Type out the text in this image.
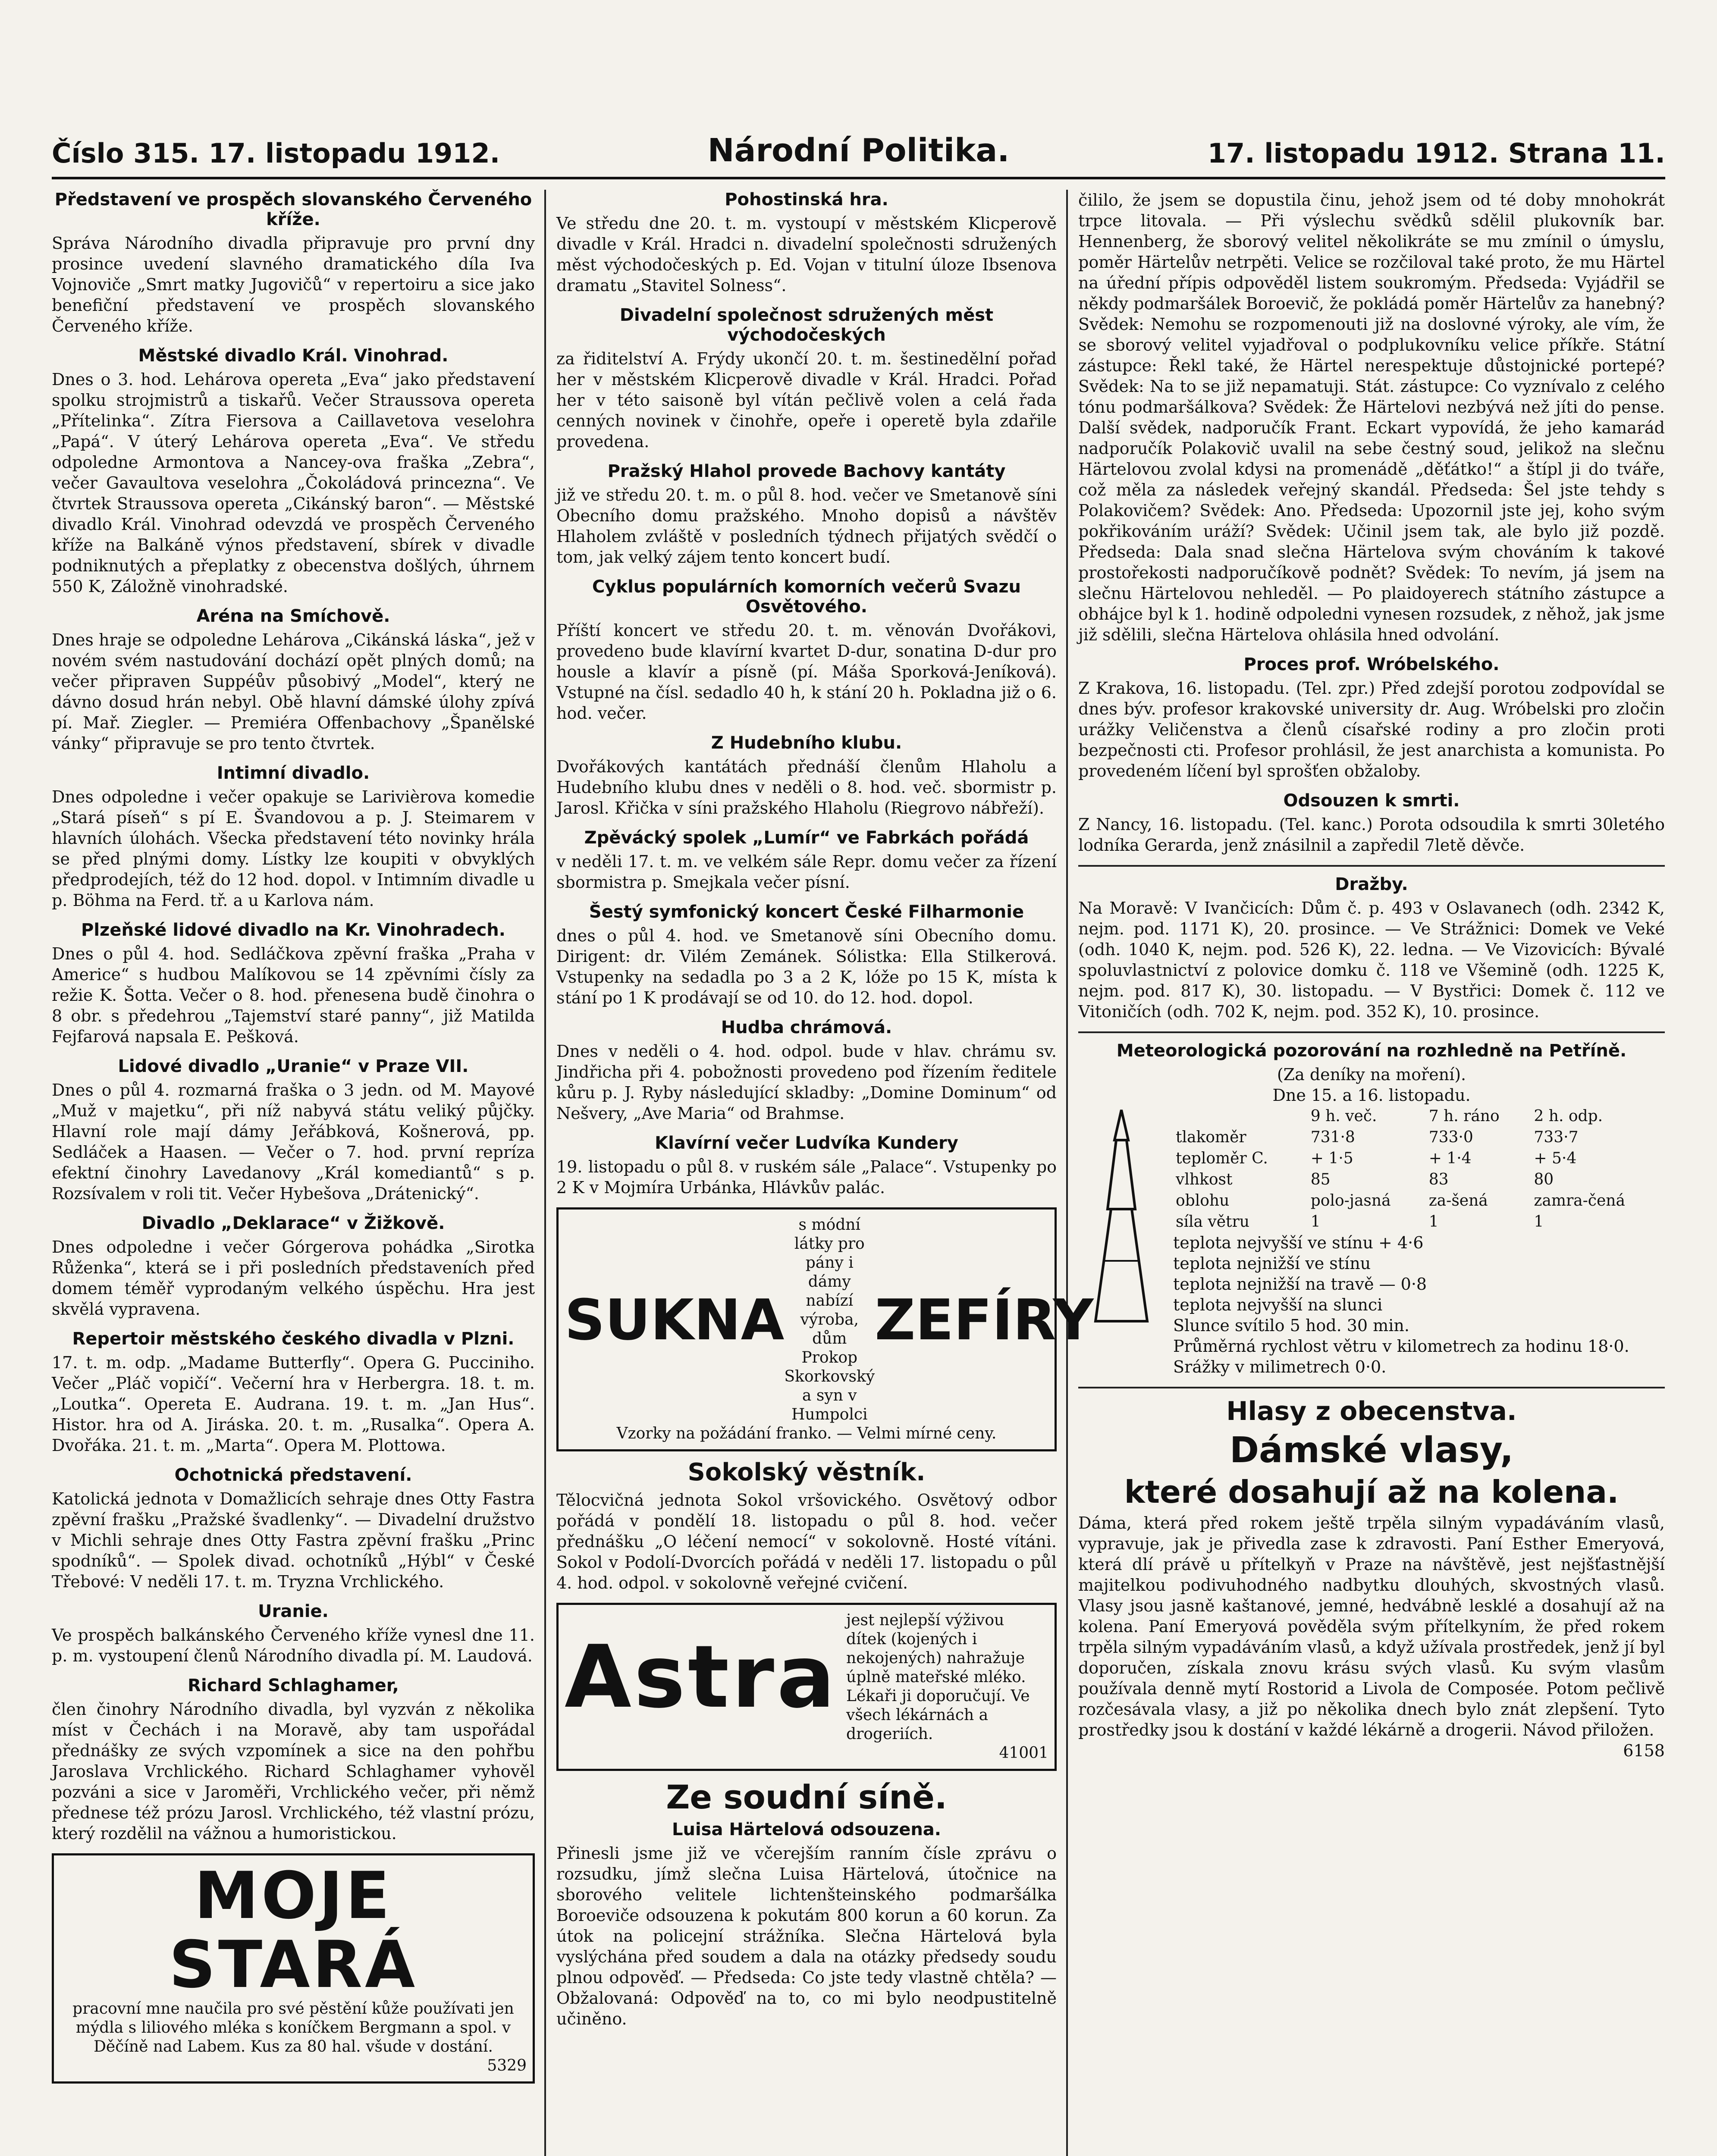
Číslo 315. 17. listopadu 1912.	Národní Politika.	17. listopadu 1912. Strana 11.
Představení ve prospěch slovanského Červeného kříže.
Správa Národního divadla připravuje pro první dny prosince uvedení slavného dramatického díla Iva Vojnoviče „Smrt matky Jugovičů“ v repertoiru a sice jako benefiční představení ve prospěch slovanského Červeného kříže.
Městské divadlo Král. Vinohrad.
Dnes o 3. hod. Lehárova opereta „Eva“ jako představení spolku strojmistrů a tiskařů. Večer Straussova opereta „Přítelinka“. Zítra Fiersova a Caillavetova veselohra „Papá“. V úterý Lehárova opereta „Eva“. Ve středu odpoledne Armontova a Nancey-ova fraška „Zebra“, večer Gavaultova veselohra „Čokoládová princezna“. Ve čtvrtek Straussova opereta „Cikánský baron“. — Městské divadlo Král. Vinohrad odevzdá ve prospěch Červeného kříže na Balkáně výnos představení, sbírek v divadle podniknutých a přeplatky z obecenstva došlých, úhrnem 550 K, Záložně vinohradské.
Aréna na Smíchově.
Dnes hraje se odpoledne Lehárova „Cikánská láska“, jež v novém svém nastudování dochází opět plných domů; na večer připraven Suppéův působivý „Model“, který ne dávno dosud hrán nebyl. Obě hlavní dámské úlohy zpívá pí. Mař. Ziegler. — Premiéra Offenbachovy „Španělské vánky“ připravuje se pro tento čtvrtek.
Intimní divadlo.
Dnes odpoledne i večer opakuje se Larivièrova komedie „Stará píseň“ s pí E. Švandovou a p. J. Steimarem v hlavních úlohách. Všecka představení této novinky hrála se před plnými domy. Lístky lze koupiti v obvyklých předprodejích, též do 12 hod. dopol. v Intimním divadle u p. Böhma na Ferd. tř. a u Karlova nám.
Plzeňské lidové divadlo na Kr. Vinohradech.
Dnes o půl 4. hod. Sedláčkova zpěvní fraška „Praha v Americe“ s hudbou Malíkovou se 14 zpěvními čísly za režie K. Šotta. Večer o 8. hod. přenesena budě činohra o 8 obr. s předehrou „Tajemství staré panny“, již Matilda Fejfarová napsala E. Pešková.
Lidové divadlo „Uranie“ v Praze VII.
Dnes o půl 4. rozmarná fraška o 3 jedn. od M. Mayové „Muž v majetku“, při níž nabyvá státu veliký půjčky. Hlavní role mají dámy Jeřábková, Košnerová, pp. Sedláček a Haasen. — Večer o 7. hod. první repríza efektní činohry Lavedanovy „Král komediantů“ s p. Rozsívalem v roli tit. Večer Hybešova „Drátenický“.
Divadlo „Deklarace“ v Žižkově.
Dnes odpoledne i večer Górgerova pohádka „Sirotka Růženka“, která se i při posledních představeních před domem téměř vyprodaným velkého úspěchu. Hra jest skvělá vypravena.
Repertoir městského českého divadla v Plzni.
17. t. m. odp. „Madame Butterfly“. Opera G. Pucciniho. Večer „Pláč vopičí“. Večerní hra v Herbergra. 18. t. m. „Loutka“. Opereta E. Audrana. 19. t. m. „Jan Hus“. Histor. hra od A. Jiráska. 20. t. m. „Rusalka“. Opera A. Dvořáka. 21. t. m. „Marta“. Opera M. Plottowa.
Ochotnická představení.
Katolická jednota v Domažlicích sehraje dnes Otty Fastra zpěvní frašku „Pražské švadlenky“. — Divadelní družstvo v Michli sehraje dnes Otty Fastra zpěvní frašku „Princ spodníků“. — Spolek divad. ochotníků „Hýbl“ v České Třebové: V neděli 17. t. m. Tryzna Vrchlického.
Uranie.
Ve prospěch balkánského Červeného kříže vynesl dne 11. p. m. vystoupení členů Národního divadla pí. M. Laudová.
Richard Schlaghamer,
člen činohry Národního divadla, byl vyzván z několika míst v Čechách i na Moravě, aby tam uspořádal přednášky ze svých vzpomínek a sice na den pohřbu Jaroslava Vrchlického. Richard Schlaghamer vyhověl pozváni a sice v Jaroměři, Vrchlického večer, při němž přednese též prózu Jarosl. Vrchlického, též vlastní prózu, který rozdělil na vážnou a humoristickou.
MOJE STARÁ
pracovní mne naučila pro své pěstění kůže používati jen mýdla s liliového mléka s koníčkem Bergmann a spol. v Děčíně nad Labem. Kus za 80 hal. všude v dostání.
5329
Pohostinská hra.
Ve středu dne 20. t. m. vystoupí v městském Klicperově divadle v Král. Hradci n. divadelní společnosti sdružených měst východočeských p. Ed. Vojan v titulní úloze Ibsenova dramatu „Stavitel Solness“.
Divadelní společnost sdružených měst východočeských
za řiditelství A. Frýdy ukončí 20. t. m. šestinedělní pořad her v městském Klicperově divadle v Král. Hradci. Pořad her v této saisoně byl vítán pečlivě volen a celá řada cenných novinek v činohře, opeře i operetě byla zdařile provedena.
Pražský Hlahol provede Bachovy kantáty
již ve středu 20. t. m. o půl 8. hod. večer ve Smetanově síni Obecního domu pražského. Mnoho dopisů a návštěv Hlaholem zvláště v posledních týdnech přijatých svědčí o tom, jak velký zájem tento koncert budí.
Cyklus populárních komorních večerů Svazu Osvětového.
Příští koncert ve středu 20. t. m. věnován Dvořákovi, provedeno bude klavírní kvartet D-dur, sonatina D-dur pro housle a klavír a písně (pí. Máša Sporková-Jeníková). Vstupné na čísl. sedadlo 40 h, k stání 20 h. Pokladna již o 6. hod. večer.
Z Hudebního klubu.
Dvořákových kantátách přednáší členům Hlaholu a Hudebního klubu dnes v neděli o 8. hod. več. sbormistr p. Jarosl. Křička v síni pražského Hlaholu (Riegrovo nábřeží).
Zpěvácký spolek „Lumír“ ve Fabrkách pořádá
v neděli 17. t. m. ve velkém sále Repr. domu večer za řízení sbormistra p. Smejkala večer písní.
Šestý symfonický koncert České Filharmonie
dnes o půl 4. hod. ve Smetanově síni Obecního domu. Dirigent: dr. Vilém Zemánek. Sólistka: Ella Stilkerová. Vstupenky na sedadla po 3 a 2 K, lóže po 15 K, místa k stání po 1 K prodávají se od 10. do 12. hod. dopol.
Hudba chrámová.
Dnes v neděli o 4. hod. odpol. bude v hlav. chrámu sv. Jindřicha při 4. pobožnosti provedeno pod řízením ředitele kůru p. J. Ryby následující skladby: „Domine Dominum“ od Nešvery, „Ave Maria“ od Brahmse.
Klavírní večer Ludvíka Kundery
19. listopadu o půl 8. v ruském sále „Palace“. Vstupenky po 2 K v Mojmíra Urbánka, Hlávkův palác.
SUKNA
s módní látky pro pány i dámy nabízí výroba, dům Prokop Skorkovský a syn v Humpolci
ZEFÍRY
Vzorky na požádání franko. — Velmi mírné ceny.
Sokolský věstník.
Tělocvičná jednota Sokol vršovického. Osvětový odbor pořádá v pondělí 18. listopadu o půl 8. hod. večer přednášku „O léčení nemocí“ v sokolovně. Hosté vítáni. Sokol v Podolí-Dvorcích pořádá v neděli 17. listopadu o půl 4. hod. odpol. v sokolovně veřejné cvičení.
Astra
jest nejlepší výživou dítek (kojených i nekojených) nahražuje úplně mateřské mléko. Lékaři ji doporučují. Ve všech lékárnách a drogeriích.
41001
Ze soudní síně.
Luisa Härtelová odsouzena.
Přinesli jsme již ve včerejším ranním čísle zprávu o rozsudku, jímž slečna Luisa Härtelová, útočnice na sborového velitele lichtenšteinského podmaršálka Boroeviče odsouzena k pokutám 800 korun a 60 korun. Za útok na policejní strážníka. Slečna Härtelová byla vyslýchána před soudem a dala na otázky předsedy soudu plnou odpověď. — Předseda: Co jste tedy vlastně chtěla? — Obžalovaná: Odpověď na to, co mi bylo neodpustitelně učiněno.
čililo, že jsem se dopustila činu, jehož jsem od té doby mnohokrát trpce litovala. — Při výslechu svědků sdělil plukovník bar. Hennenberg, že sborový velitel několikráte se mu zmínil o úmyslu, poměr Härtelův netrpěti. Velice se rozčiloval také proto, že mu Härtel na úřední přípis odpověděl listem soukromým. Předseda: Vyjádřil se někdy podmaršálek Boroevič, že pokládá poměr Härtelův za hanebný? Svědek: Nemohu se rozpomenouti již na doslovné výroky, ale vím, že se sborový velitel vyjadřoval o podplukovníku velice příkře. Státní zástupce: Řekl také, že Härtel nerespektuje důstojnické portepé? Svědek: Na to se již nepamatuji. Stát. zástupce: Co vyznívalo z celého tónu podmaršálkova? Svědek: Že Härtelovi nezbývá než jíti do pense. Další svědek, nadporučík Frant. Eckart vypovídá, že jeho kamarád nadporučík Polakovič uvalil na sebe čestný soud, jelikož na slečnu Härtelovou zvolal kdysi na promenádě „děťátko!“ a štípl ji do tváře, což měla za následek veřejný skandál. Předseda: Šel jste tehdy s Polakovičem? Svědek: Ano. Předseda: Upozornil jste jej, koho svým pokřikováním uráží? Svědek: Učinil jsem tak, ale bylo již pozdě. Předseda: Dala snad slečna Härtelova svým chováním k takové prostořekosti nadporučíkově podnět? Svědek: To nevím, já jsem na slečnu Härtelovou nehleděl. — Po plaidoyerech státního zástupce a obhájce byl k 1. hodině odpoledni vynesen rozsudek, z něhož, jak jsme již sdělili, slečna Härtelova ohlásila hned odvolání.
Proces prof. Wróbelského.
Z Krakova, 16. listopadu. (Tel. zpr.) Před zdejší porotou zodpovídal se dnes býv. profesor krakovské university dr. Aug. Wróbelski pro zločin urážky Veličenstva a členů císařské rodiny a pro zločin proti bezpečnosti cti. Profesor prohlásil, že jest anarchista a komunista. Po provedeném líčení byl sprošťen obžaloby.
Odsouzen k smrti.
Z Nancy, 16. listopadu. (Tel. kanc.) Porota odsoudila k smrti 30letého lodníka Gerarda, jenž znásilnil a zapředil 7letě děvče.
Dražby.
Na Moravě: V Ivančicích: Dům č. p. 493 v Oslavanech (odh. 2342 K, nejm. pod. 1171 K), 20. prosince. — Ve Strážnici: Domek ve Veké (odh. 1040 K, nejm. pod. 526 K), 22. ledna. — Ve Vizovicích: Bývalé spoluvlastnictví z polovice domku č. 118 ve Všemině (odh. 1225 K, nejm. pod. 817 K), 30. listopadu. — V Bystřici: Domek č. 112 ve Vitoničích (odh. 702 K, nejm. pod. 352 K), 10. prosince.
Meteorologická pozorování na rozhledně na Petříně.
(Za deníky na moření).
Dne 15. a 16. listopadu.
	9 h. več.	7 h. ráno	2 h. odp.
tlakoměr	731·8	733·0	733·7
teploměr C.	+ 1·5	+ 1·4	+ 5·4
vlhkost	85	83	80
oblohu	polo-jasná	za-šená	zamra-čená
síla větru	1	1	1
teplota nejvyšší ve stínu + 4·6
teplota nejnižší ve stínu
teplota nejnižší na travě — 0·8
teplota nejvyšší na slunci
Slunce svítilo 5 hod. 30 min.
Průměrná rychlost větru v kilometrech za hodinu 18·0.
Srážky v milimetrech 0·0.
Hlasy z obecenstva.
Dámské vlasy,
které dosahují až na kolena.
Dáma, která před rokem ještě trpěla silným vypadáváním vlasů, vypravuje, jak je přivedla zase k zdravosti. Paní Esther Emeryová, která dlí právě u přítelkyň v Praze na návštěvě, jest nejšťastnější majitelkou podivuhodného nadbytku dlouhých, skvostných vlasů. Vlasy jsou jasně kaštanové, jemné, hedvábně lesklé a dosahují až na kolena. Paní Emeryová pověděla svým přítelkyním, že před rokem trpěla silným vypadáváním vlasů, a když užívala prostředek, jenž jí byl doporučen, získala znovu krásu svých vlasů. Ku svým vlasům používala denně mytí Rostorid a Livola de Composée. Potom pečlivě rozčesávala vlasy, a již po několika dnech bylo znát zlepšení. Tyto prostředky jsou k dostání v každé lékárně a drogerii. Návod přiložen.
6158
